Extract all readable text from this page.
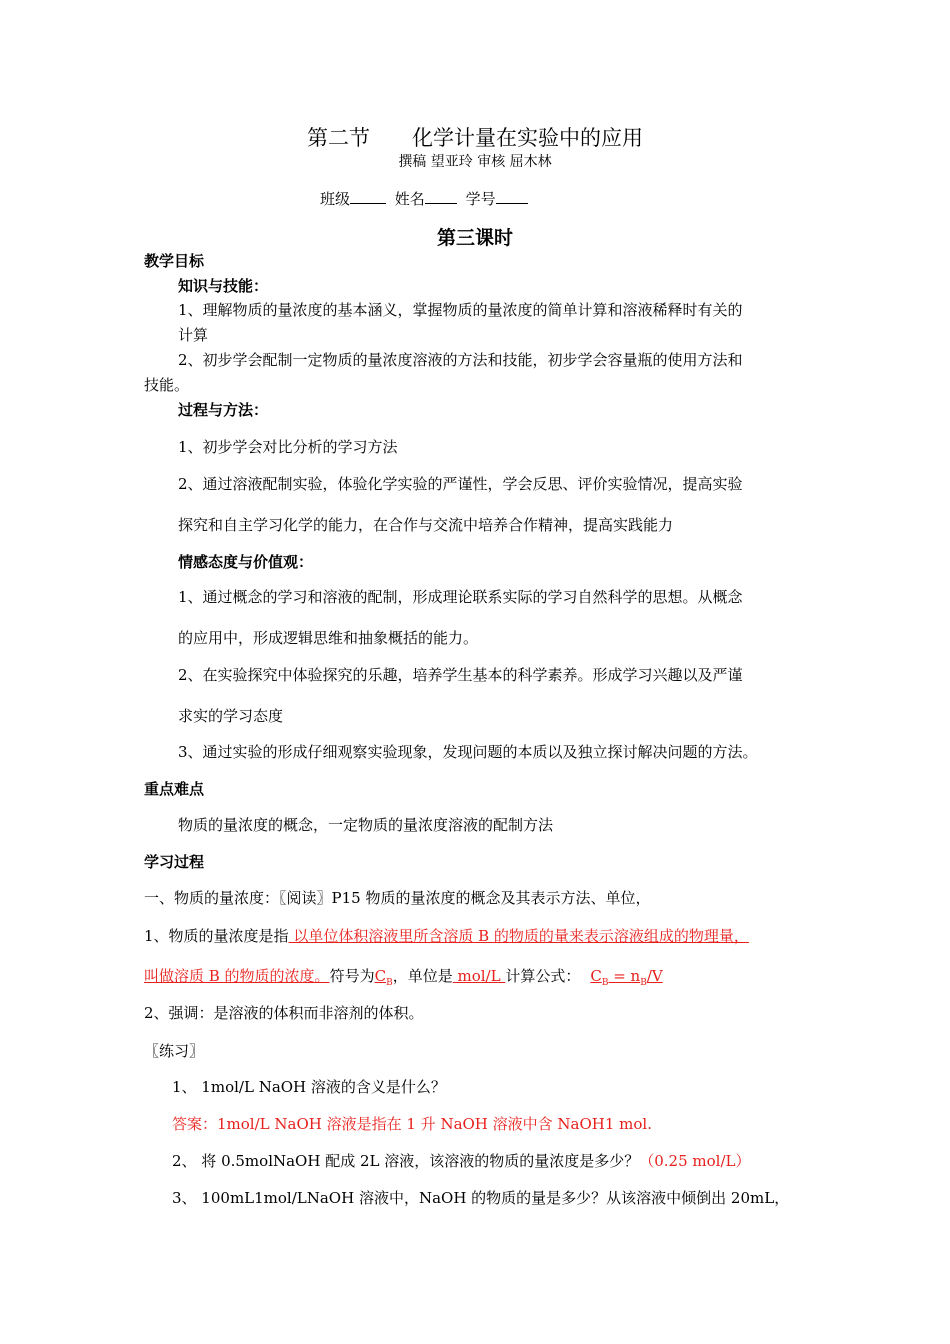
第二节　　化学计量在实验中的应用
撰稿 望亚玲 审核 屈木林
班级	姓名	学号
第三课时
教学目标
知识与技能：
1、理解物质的量浓度的基本涵义，掌握物质的量浓度的简单计算和溶液稀释时有关的
计算
2、初步学会配制一定物质的量浓度溶液的方法和技能，初步学会容量瓶的使用方法和
技能。
过程与方法：
1、初步学会对比分析的学习方法
2、通过溶液配制实验，体验化学实验的严谨性，学会反思、评价实验情况，提高实验
探究和自主学习化学的能力，在合作与交流中培养合作精神，提高实践能力
情感态度与价值观：
1、通过概念的学习和溶液的配制，形成理论联系实际的学习自然科学的思想。从概念
的应用中，形成逻辑思维和抽象概括的能力。
2、在实验探究中体验探究的乐趣，培养学生基本的科学素养。形成学习兴趣以及严谨
求实的学习态度
3、通过实验的形成仔细观察实验现象，发现问题的本质以及独立探讨解决问题的方法。
重点难点
物质的量浓度的概念，一定物质的量浓度溶液的配制方法
学习过程
一、物质的量浓度：〖阅读〗P15 物质的量浓度的概念及其表示方法、单位，
1、物质的量浓度是指 以单位体积溶液里所含溶质 B 的物质的量来表示溶液组成的物理量，
叫做溶质 B 的物质的浓度。符号为$C_B$，单位是 mol/L 计算公式： $C_B = n_B/V$
2、强调：是溶液的体积而非溶剂的体积。
〖练习〗
1、 1mol/L NaOH 溶液的含义是什么？
答案：1mol/L NaOH 溶液是指在 1 升 NaOH 溶液中含 NaOH1 mol.
2、 将 0.5molNaOH 配成 2L 溶液，该溶液的物质的量浓度是多少？（0.25 mol/L）
3、 100mL1mol/LNaOH 溶液中，NaOH 的物质的量是多少？从该溶液中倾倒出 20mL，
